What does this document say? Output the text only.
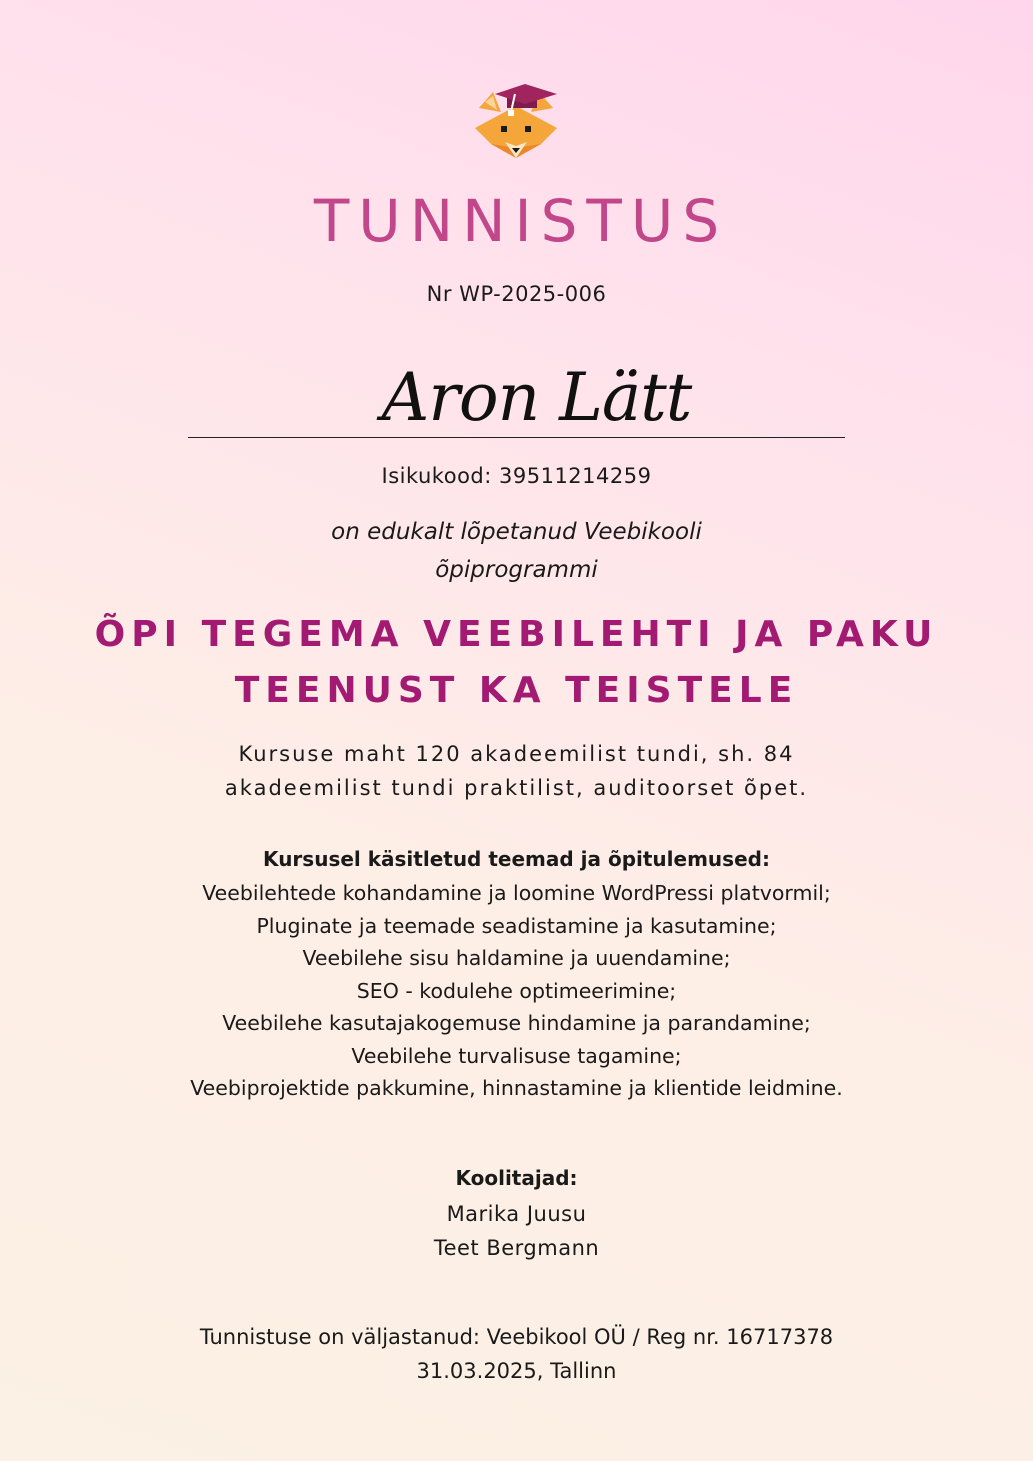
TUNNISTUS
Nr WP-2025-006
Aron Lätt
Isikukood: 39511214259
on edukalt lõpetanud Veebikooli
õpiprogrammi
ÕPI TEGEMA VEEBILEHTI JA PAKU
TEENUST KA TEISTELE
Kursuse maht 120 akadeemilist tundi, sh. 84
akadeemilist tundi praktilist, auditoorset õpet.
Kursusel käsitletud teemad ja õpitulemused:
Veebilehtede kohandamine ja loomine WordPressi platvormil;
Pluginate ja teemade seadistamine ja kasutamine;
Veebilehe sisu haldamine ja uuendamine;
SEO - kodulehe optimeerimine;
Veebilehe kasutajakogemuse hindamine ja parandamine;
Veebilehe turvalisuse tagamine;
Veebiprojektide pakkumine, hinnastamine ja klientide leidmine.
Koolitajad:
Marika Juusu
Teet Bergmann
Tunnistuse on väljastanud: Veebikool OÜ / Reg nr. 16717378
31.03.2025, Tallinn
